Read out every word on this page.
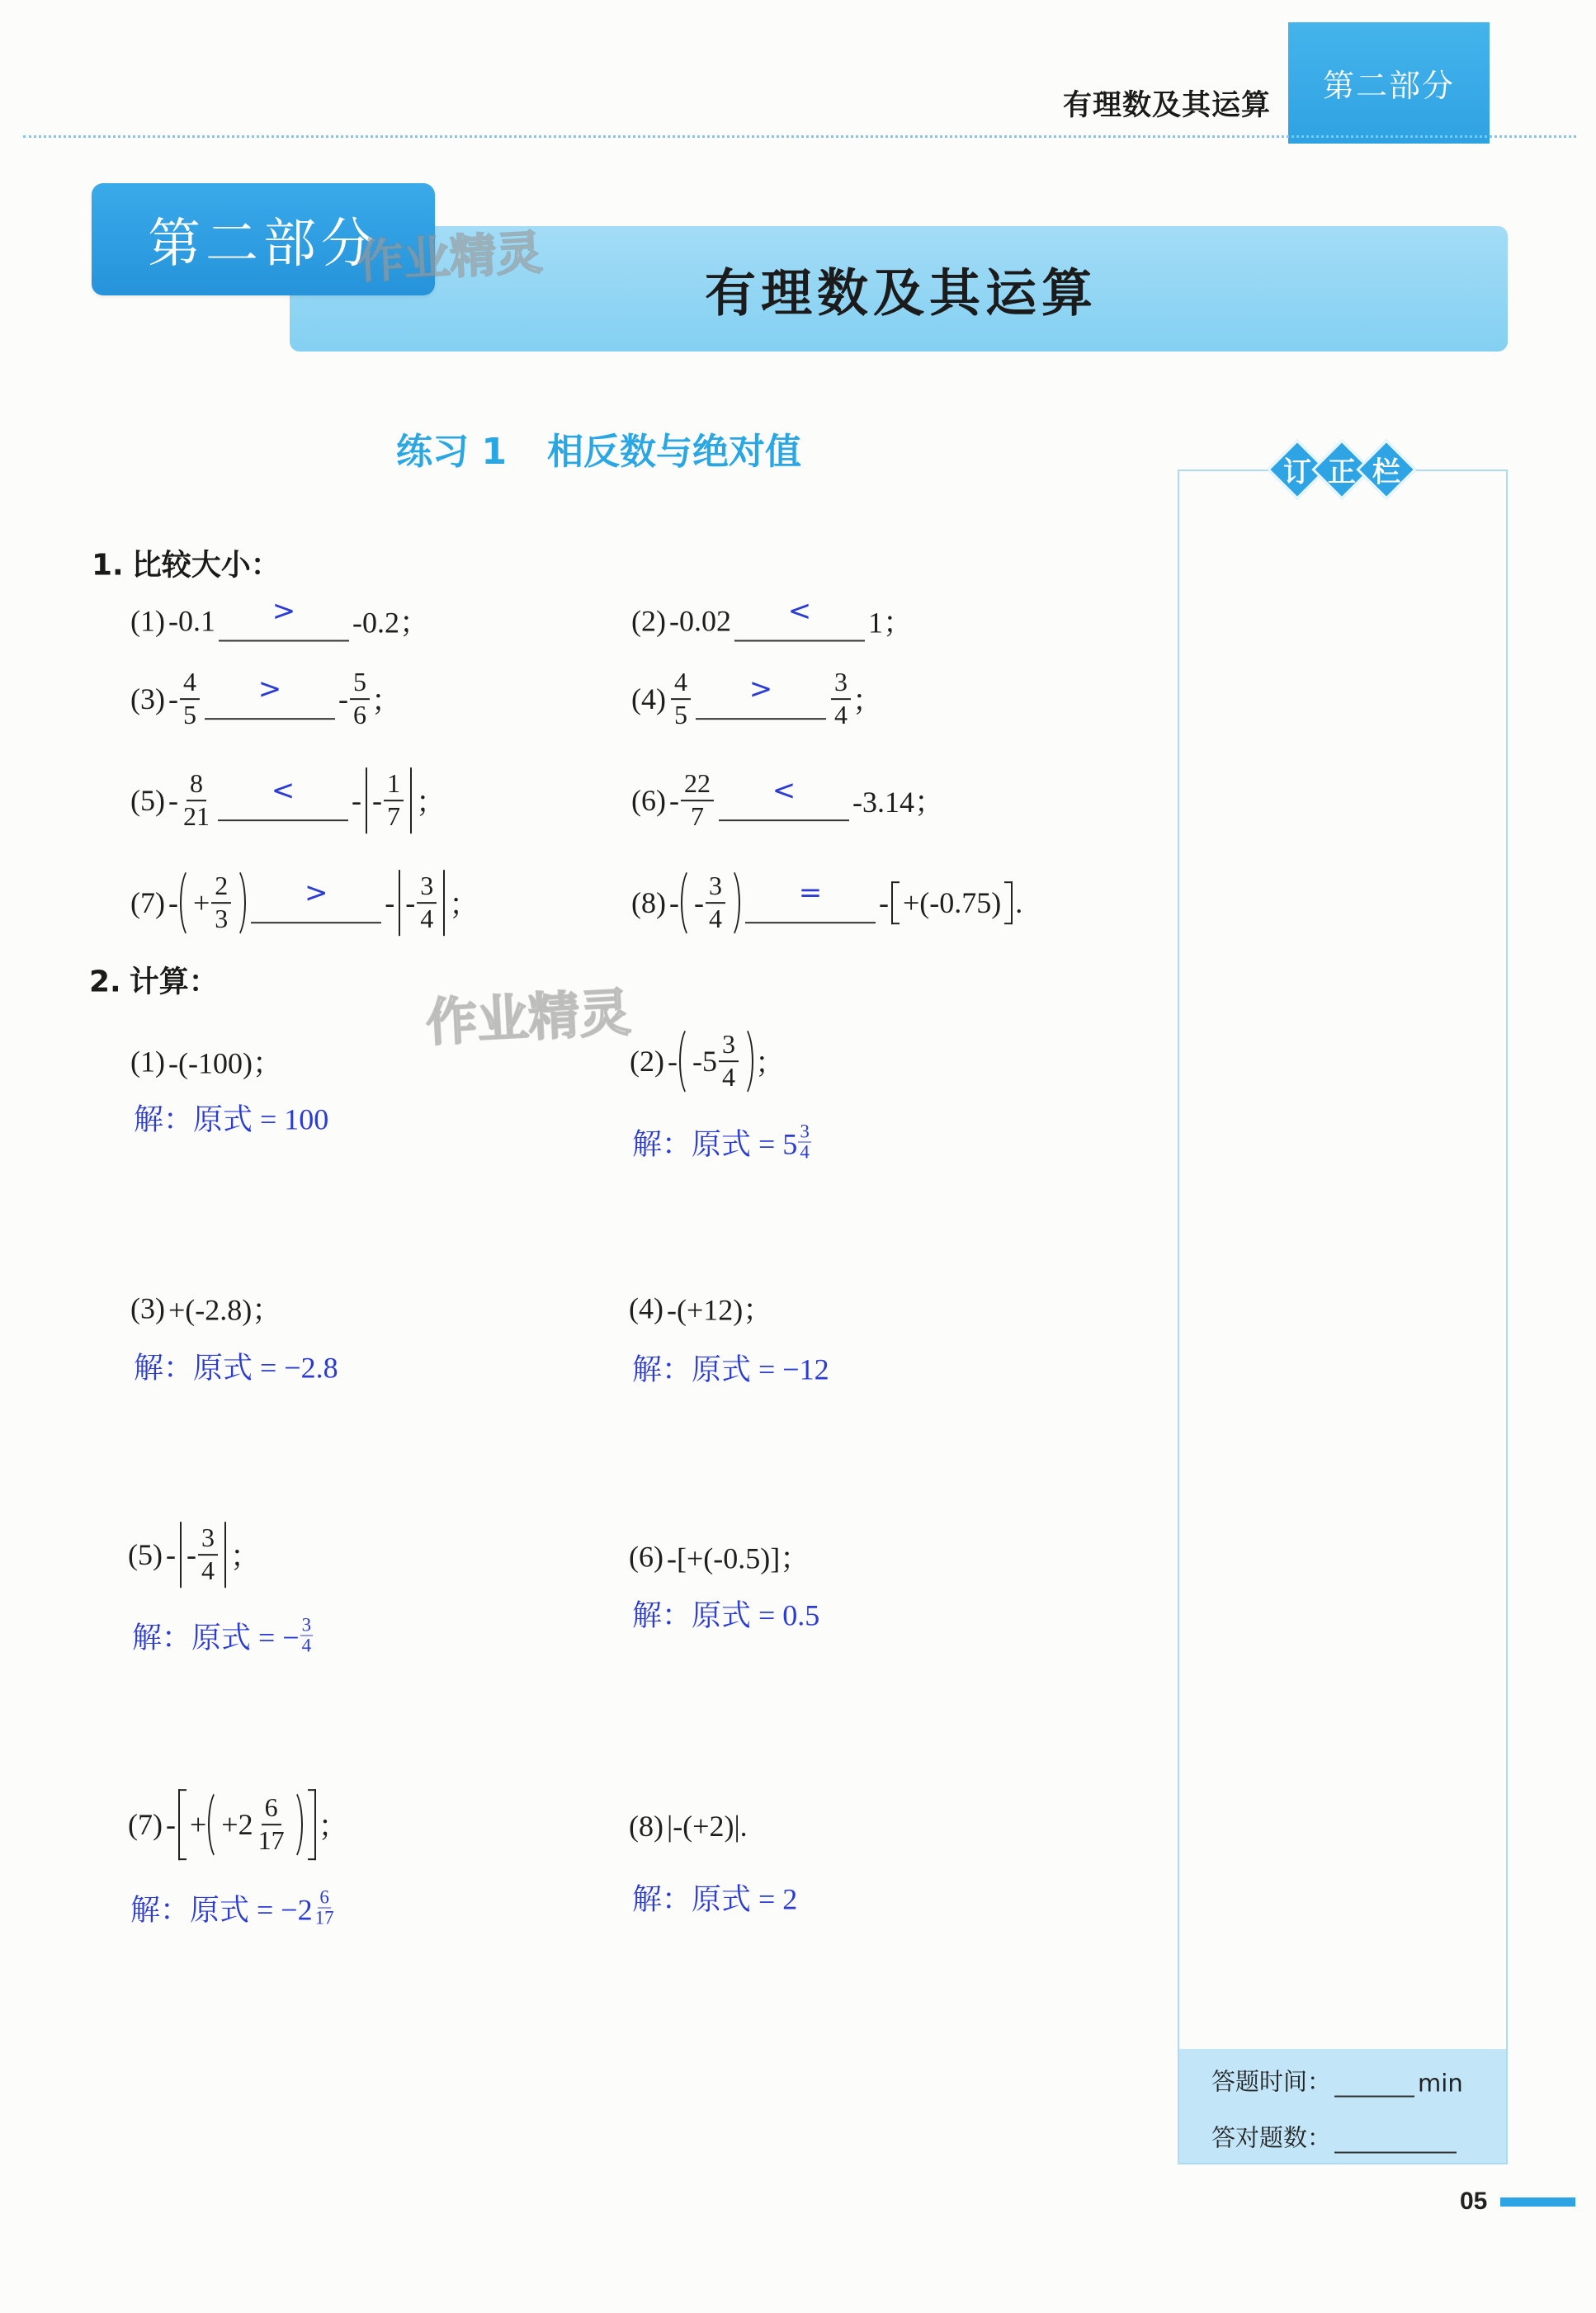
有理数及其运算
第二部分
第二部分
有理数及其运算
作业精灵
练习 1 相反数与绝对值
1. 比较大小：
(1) -0.1	>	-0.2；	(2) -0.02	<	1；
$(3) - \frac{4}{5}$	>	- $\frac{5}{6}$ ；	$(4) \frac{4}{5}$	>	$\frac{3}{4}$ ；
$(5) - \frac{8}{21}$	<	- - $\frac{1}{7}$ ；	$(6) - \frac{22}{7}$	<	-3.14；
(7) - + $\frac{2}{3}$	>	- - $\frac{3}{4}$ ；	(8) - - $\frac{3}{4}$	=	- +(-0.75) .
2. 计算：
作业精灵
(1) -(-100)；
解：原式 = 100
$(2) - -5 \frac{3}{4}$ ；
解：原式 = $5 \frac{3}{4}$
(3) +(-2.8)；
解：原式 = −2.8
(4) -(+12)；
解：原式 = −12
(5) - - $\frac{3}{4}$ ；
解：原式 = − $\frac{3}{4}$
(6) -[+(-0.5)]；
解：原式 = 0.5
(7) - + $+2 \frac{6}{17}$ ；
解：原式 = $-2 \frac{6}{17}$
(8) |-(+2)|.
解：原式 = 2
订 正 栏
答题时间：	min
答对题数：
05
